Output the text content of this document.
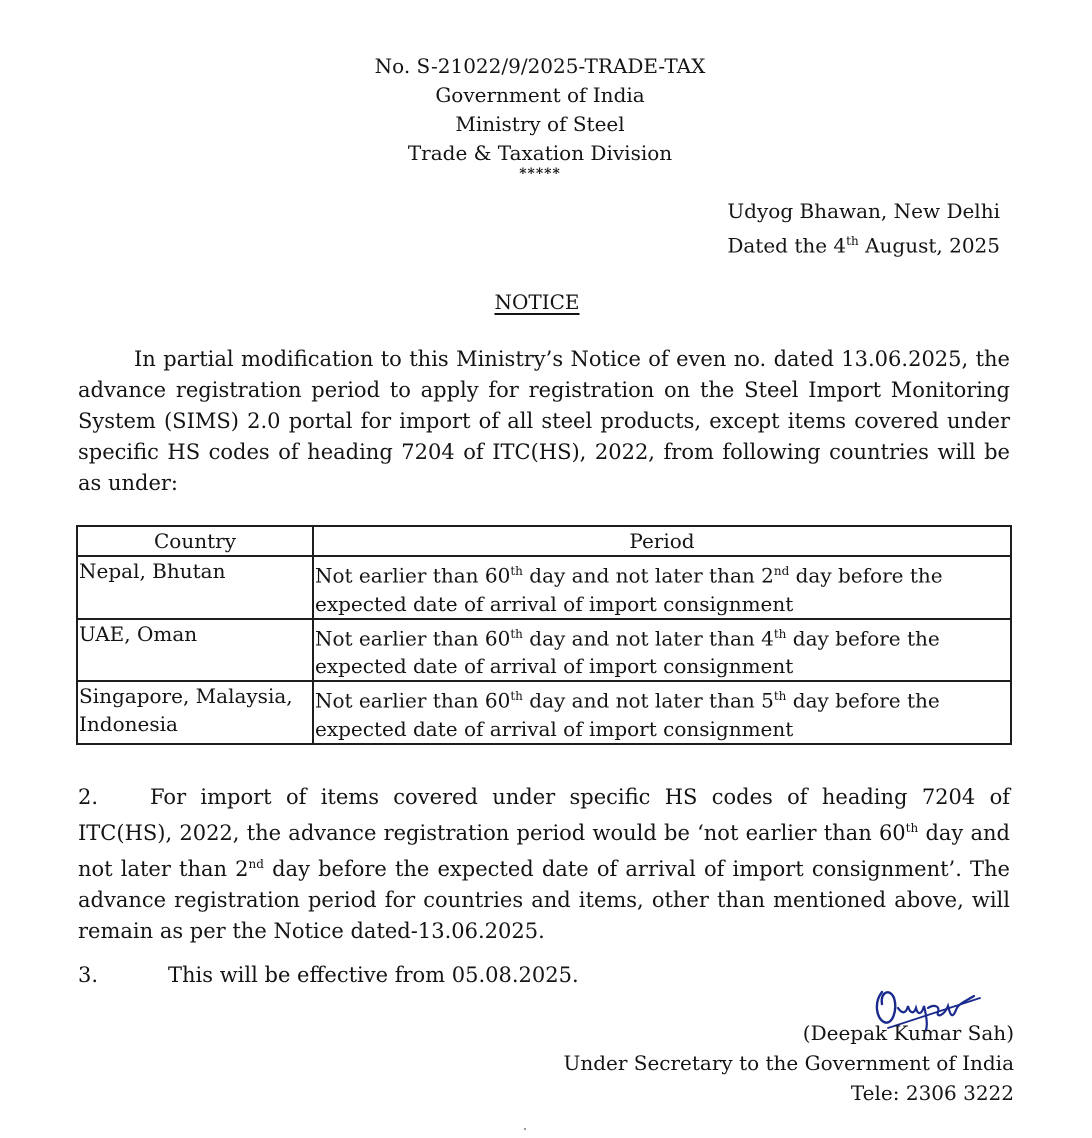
No. S-21022/9/2025-TRADE-TAX
Government of India
Ministry of Steel
Trade & Taxation Division
*****
Udyog Bhawan, New Delhi
Dated the 4th August, 2025
NOTICE
In partial modification to this Ministry’s Notice of even no. dated 13.06.2025, the advance registration period to apply for registration on the Steel Import Monitoring System (SIMS) 2.0 portal for import of all steel products, except items covered under specific HS codes of heading 7204 of ITC(HS), 2022, from following countries will be as under:
Country	Period
Nepal, Bhutan	Not earlier than 60th day and not later than 2nd day before the expected date of arrival of import consignment
UAE, Oman	Not earlier than 60th day and not later than 4th day before the expected date of arrival of import consignment
Singapore, Malaysia, Indonesia	Not earlier than 60th day and not later than 5th day before the expected date of arrival of import consignment
2. For import of items covered under specific HS codes of heading 7204 of ITC(HS), 2022, the advance registration period would be ‘not earlier than 60th day and not later than 2nd day before the expected date of arrival of import consignment’. The advance registration period for countries and items, other than mentioned above, will remain as per the Notice dated-13.06.2025.
3.	This will be effective from 05.08.2025.
(Deepak Kumar Sah)
Under Secretary to the Government of India
Tele: 2306 3222
